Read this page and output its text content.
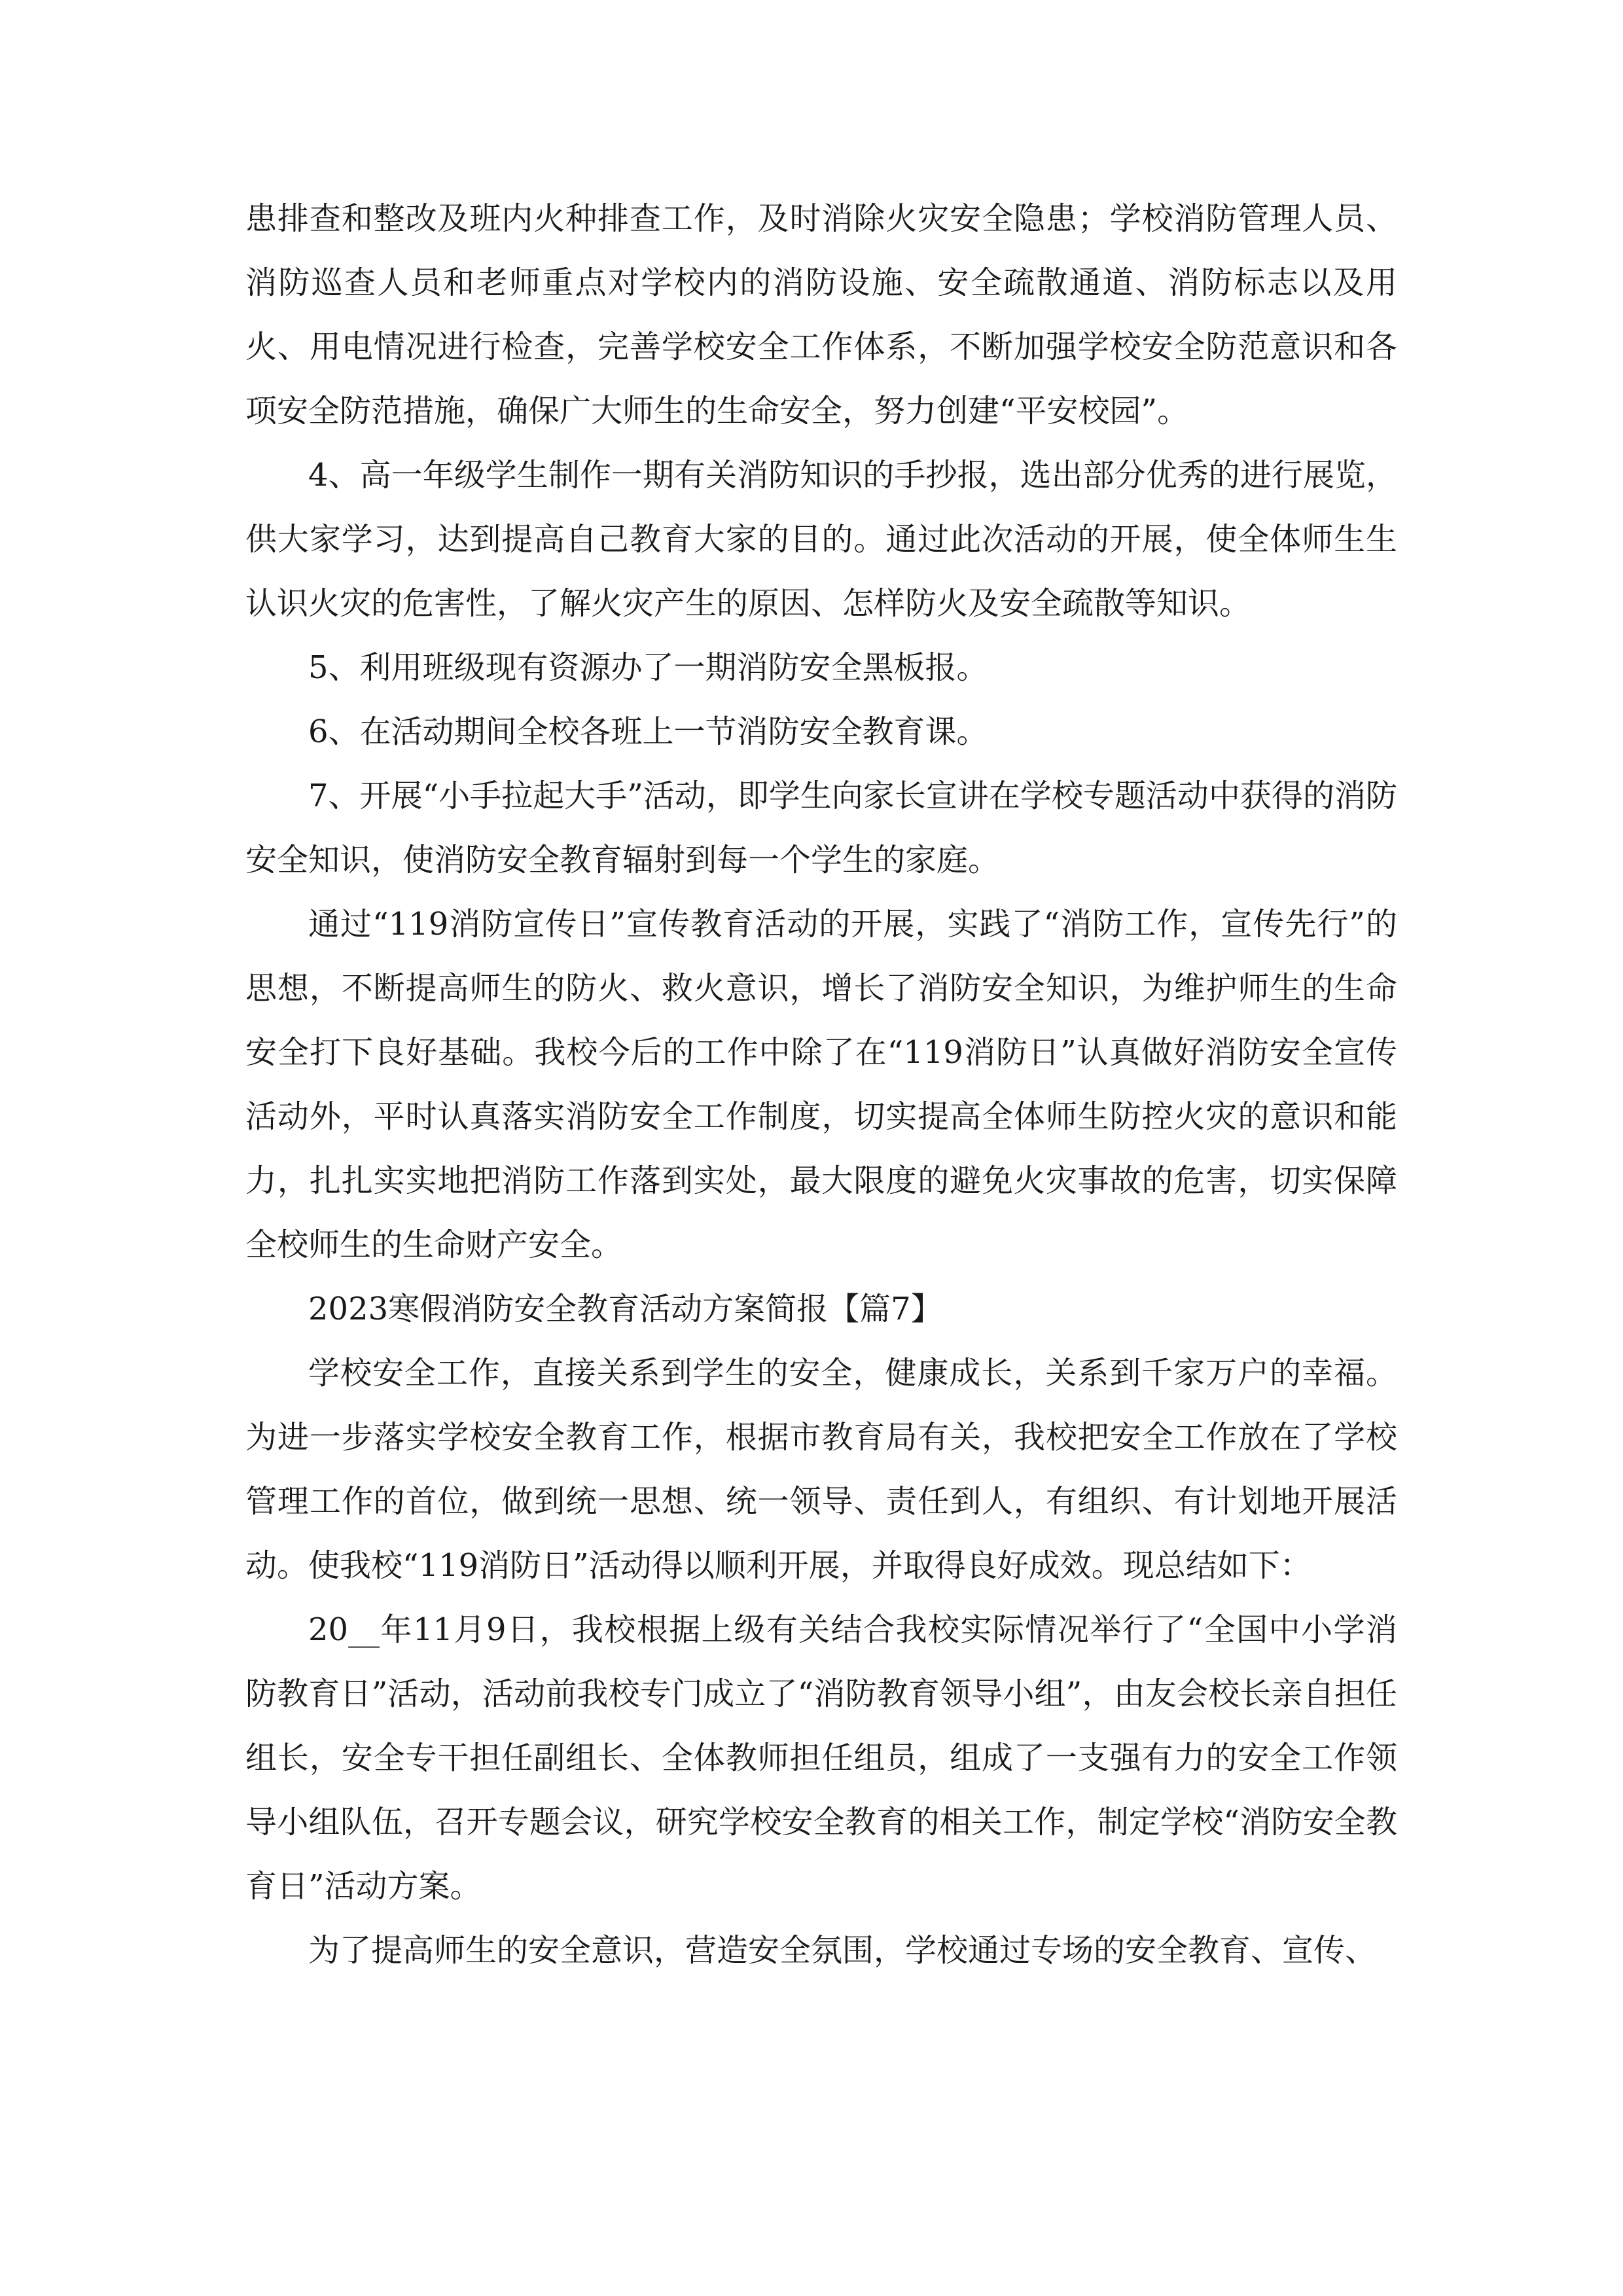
患排查和整改及班内火种排查工作，及时消除火灾安全隐患；学校消防管理人员、消防巡查人员和老师重点对学校内的消防设施、安全疏散通道、消防标志以及用火、用电情况进行检查，完善学校安全工作体系，不断加强学校安全防范意识和各项安全防范措施，确保广大师生的生命安全，努力创建“平安校园”。

4、高一年级学生制作一期有关消防知识的手抄报，选出部分优秀的进行展览，供大家学习，达到提高自己教育大家的目的。通过此次活动的开展，使全体师生生认识火灾的危害性，了解火灾产生的原因、怎样防火及安全疏散等知识。

5、利用班级现有资源办了一期消防安全黑板报。

6、在活动期间全校各班上一节消防安全教育课。

7、开展“小手拉起大手”活动，即学生向家长宣讲在学校专题活动中获得的消防安全知识，使消防安全教育辐射到每一个学生的家庭。

通过“119消防宣传日”宣传教育活动的开展，实践了“消防工作，宣传先行”的思想，不断提高师生的防火、救火意识，增长了消防安全知识，为维护师生的生命安全打下良好基础。我校今后的工作中除了在“119消防日”认真做好消防安全宣传活动外，平时认真落实消防安全工作制度，切实提高全体师生防控火灾的意识和能力，扎扎实实地把消防工作落到实处，最大限度的避免火灾事故的危害，切实保障全校师生的生命财产安全。

2023寒假消防安全教育活动方案简报【篇7】

学校安全工作，直接关系到学生的安全，健康成长，关系到千家万户的幸福。为进一步落实学校安全教育工作，根据市教育局有关，我校把安全工作放在了学校管理工作的首位，做到统一思想、统一领导、责任到人，有组织、有计划地开展活动。使我校“119消防日”活动得以顺利开展，并取得良好成效。现总结如下：

20__年11月9日，我校根据上级有关结合我校实际情况举行了“全国中小学消防教育日”活动，活动前我校专门成立了“消防教育领导小组”，由友会校长亲自担任组长，安全专干担任副组长、全体教师担任组员，组成了一支强有力的安全工作领导小组队伍，召开专题会议，研究学校安全教育的相关工作，制定学校“消防安全教育日”活动方案。

为了提高师生的安全意识，营造安全氛围，学校通过专场的安全教育、宣传、
